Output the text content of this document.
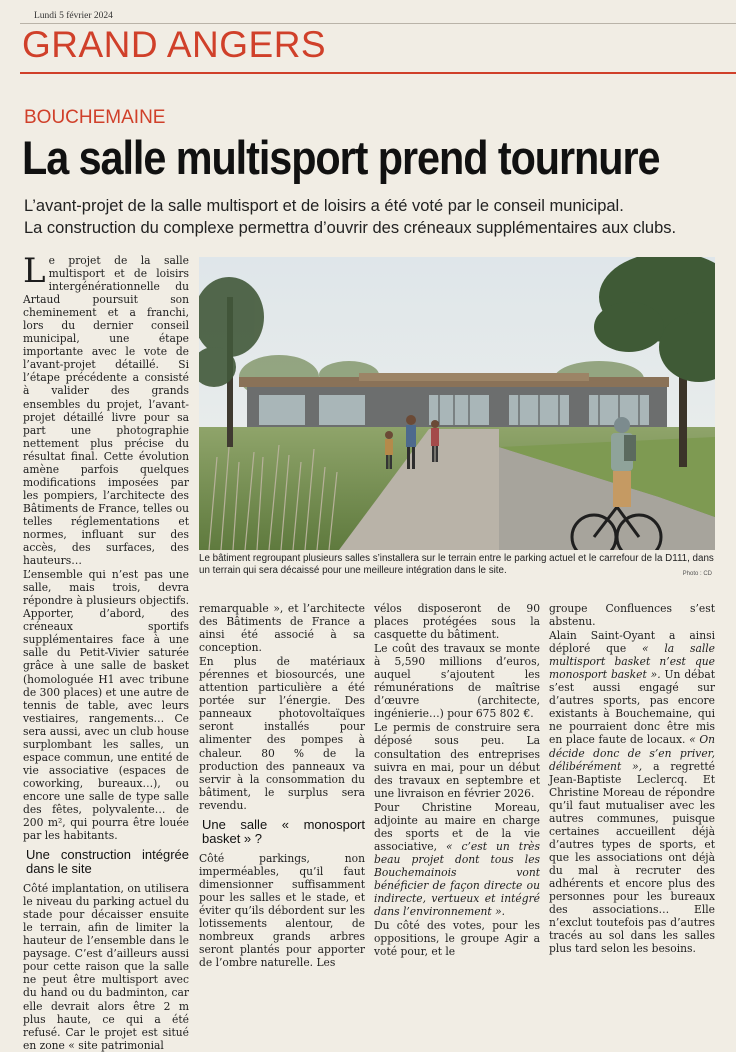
Lundi 5 février 2024
GRAND ANGERS
BOUCHEMAINE
La salle multisport prend tournure

L’avant-projet de la salle multisport et de loisirs a été voté par le conseil municipal.

La construction du complexe permettra d’ouvrir des créneaux supplémentaires aux clubs.

Le projet de la salle multisport et de loisirs intergénérationnelle du Artaud poursuit son cheminement et a franchi, lors du dernier conseil municipal, une étape importante avec le vote de l’avant-projet détaillé. Si l’étape précédente a consisté à valider des grands ensembles du projet, l’avant-projet détaillé livre pour sa part une photographie nettement plus précise du résultat final. Cette évolution amène parfois quelques modifications imposées par les pompiers, l’architecte des Bâtiments de France, telles ou telles réglementations et normes, influant sur des accès, des surfaces, des hauteurs…

L’ensemble qui n’est pas une salle, mais trois, devra répondre à plusieurs objectifs. Apporter, d’abord, des créneaux sportifs supplémentaires face à une salle du Petit-Vivier saturée grâce à une salle de basket (homologuée H1 avec tribune de 300 places) et une autre de tennis de table, avec leurs vestiaires, rangements… Ce sera aussi, avec un club house surplombant les salles, un espace commun, une entité de vie associative (espaces de coworking, bureaux…), ou encore une salle de type salle des fêtes, polyvalente… de 200 m², qui pourra être louée par les habitants.

Une construction intégrée dans le site

Côté implantation, on utilisera le niveau du parking actuel du stade pour décaisser ensuite le terrain, afin de limiter la hauteur de l’ensemble dans le paysage. C’est d’ailleurs aussi pour cette raison que la salle ne peut être multisport avec du hand ou du badminton, car elle devrait alors être 2 m plus haute, ce qui a été refusé. Car le projet est situé en zone « site patrimonial

Le bâtiment regroupant plusieurs salles s’installera sur le terrain entre le parking actuel et le carrefour de la D111, dans un terrain qui sera décaissé pour une meilleure intégration dans le site.	Photo : CD

remarquable », et l’architecte des Bâtiments de France a ainsi été associé à sa conception.

En plus de matériaux pérennes et biosourcés, une attention particulière a été portée sur l’énergie. Des panneaux photovoltaïques seront installés pour alimenter des pompes à chaleur. 80 % de la production des panneaux va servir à la consommation du bâtiment, le surplus sera revendu.

Une salle « monosport basket » ?

Côté parkings, non imperméables, qu’il faut dimensionner suffisamment pour les salles et le stade, et éviter qu’ils débordent sur les lotissements alentour, de nombreux grands arbres seront plantés pour apporter de l’ombre naturelle. Les

vélos disposeront de 90 places protégées sous la casquette du bâtiment.

Le coût des travaux se monte à 5,590 millions d’euros, auquel s’ajoutent les rémunérations de maîtrise d’œuvre (architecte, ingénierie…) pour 675 802 €.

Le permis de construire sera déposé sous peu. La consultation des entreprises suivra en mai, pour un début des travaux en septembre et une livraison en février 2026.

Pour Christine Moreau, adjointe au maire en charge des sports et de la vie associative, « c’est un très beau projet dont tous les Bouchemainois vont bénéficier de façon directe ou indirecte, vertueux et intégré dans l’environnement ».

Du côté des votes, pour les oppositions, le groupe Agir a voté pour, et le

groupe Confluences s’est abstenu.

Alain Saint-Oyant a ainsi déploré que « la salle multisport basket n’est que monosport basket ». Un débat s’est aussi engagé sur d’autres sports, pas encore existants à Bouchemaine, qui ne pourraient donc être mis en place faute de locaux. « On décide donc de s’en priver, délibérément », a regretté Jean-Baptiste Leclercq. Et Christine Moreau de répondre qu’il faut mutualiser avec les autres communes, puisque certaines accueillent déjà d’autres types de sports, et que les associations ont déjà du mal à recruter des adhérents et encore plus des personnes pour les bureaux des associations… Elle n’exclut toutefois pas d’autres tracés au sol dans les salles plus tard selon les besoins.
